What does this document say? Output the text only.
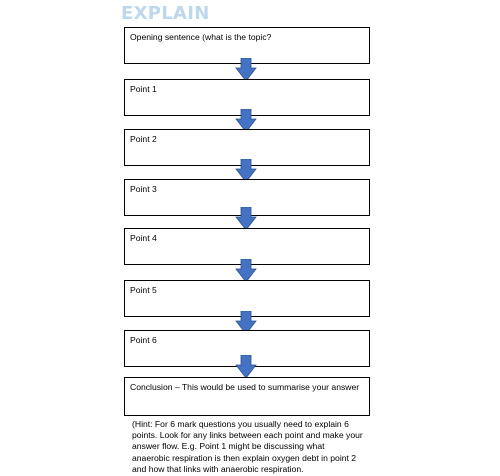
EXPLAIN
Opening sentence (what is the topic?
Point 1
Point 2
Point 3
Point 4
Point 5
Point 6
Conclusion – This would be used to summarise your answer

(Hint: For 6 mark questions you usually need to explain 6 points. Look for any links between each point and make your answer flow. E.g. Point 1 might be discussing what anaerobic respiration is then explain oxygen debt in point 2 and how that links with anaerobic respiration.
